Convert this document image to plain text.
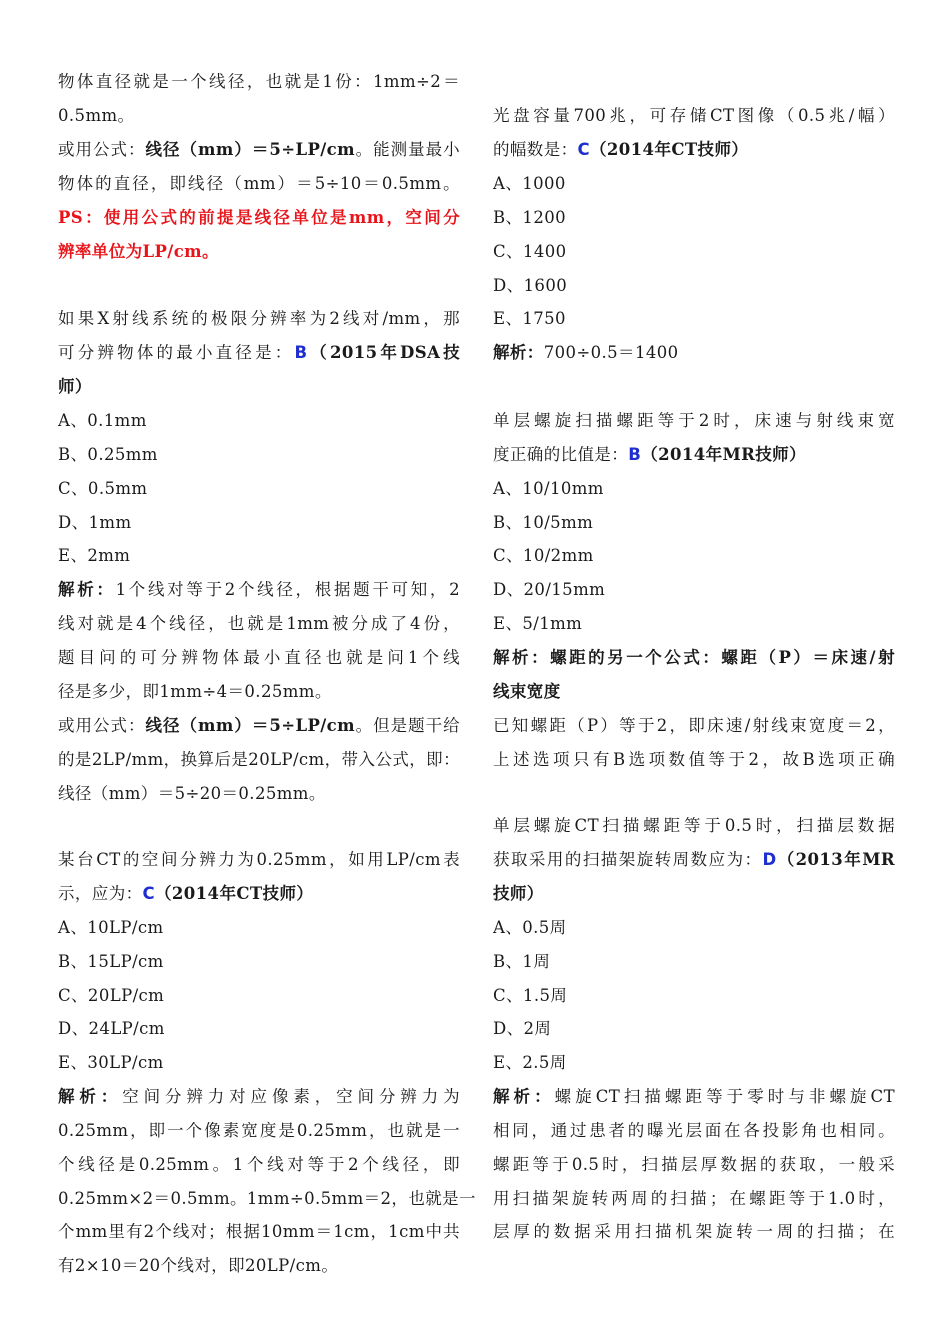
物体直径就是一个线径，也就是1份：1mm÷2＝
0.5mm。
或用公式：线径（mm）＝5÷LP/cm。能测量最小
物体的直径，即线径（mm）＝5÷10＝0.5mm。
PS：使用公式的前提是线径单位是mm，空间分
辨率单位为LP/cm。
如果X射线系统的极限分辨率为2线对/mm，那
可分辨物体的最小直径是：B（2015年DSA技
师）
A、0.1mm
B、0.25mm
C、0.5mm
D、1mm
E、2mm
解析：1个线对等于2个线径，根据题干可知，2
线对就是4个线径，也就是1mm被分成了4份，
题目问的可分辨物体最小直径也就是问1个线
径是多少，即1mm÷4＝0.25mm。
或用公式：线径（mm）＝5÷LP/cm。但是题干给
的是2LP/mm，换算后是20LP/cm，带入公式，即：
线径（mm）＝5÷20＝0.25mm。
某台CT的空间分辨力为0.25mm，如用LP/cm表
示，应为：C（2014年CT技师）
A、10LP/cm
B、15LP/cm
C、20LP/cm
D、24LP/cm
E、30LP/cm
解析：空间分辨力对应像素，空间分辨力为
0.25mm，即一个像素宽度是0.25mm，也就是一
个线径是0.25mm。1个线对等于2个线径，即
0.25mm×2＝0.5mm。1mm÷0.5mm＝2，也就是一
个mm里有2个线对；根据10mm＝1cm，1cm中共
有2×10＝20个线对，即20LP/cm。
光盘容量700兆，可存储CT图像（0.5兆/幅）
的幅数是：C（2014年CT技师）
A、1000
B、1200
C、1400
D、1600
E、1750
解析：700÷0.5＝1400
单层螺旋扫描螺距等于2时，床速与射线束宽
度正确的比值是：B（2014年MR技师）
A、10/10mm
B、10/5mm
C、10/2mm
D、20/15mm
E、5/1mm
解析：螺距的另一个公式：螺距（P）＝床速/射
线束宽度
已知螺距（P）等于2，即床速/射线束宽度＝2，
上述选项只有B选项数值等于2，故B选项正确
单层螺旋CT扫描螺距等于0.5时，扫描层数据
获取采用的扫描架旋转周数应为：D（2013年MR
技师）
A、0.5周
B、1周
C、1.5周
D、2周
E、2.5周
解析：螺旋CT扫描螺距等于零时与非螺旋CT
相同，通过患者的曝光层面在各投影角也相同。
螺距等于0.5时，扫描层厚数据的获取，一般采
用扫描架旋转两周的扫描；在螺距等于1.0时，
层厚的数据采用扫描机架旋转一周的扫描；在
